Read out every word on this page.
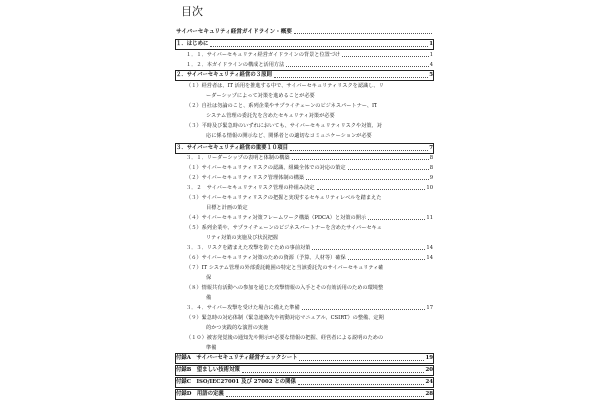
目次
サイバーセキュリティ経営ガイドライン・概要
１．はじめに	1
１．１．サイバーセキュリティ経営ガイドラインの背景と位置づけ	1
１．２．本ガイドラインの構成と活用方法	4
２．サイバーセキュリティ経営の３原則	5
（１）経営者は、IT 活用を推進する中で、サイバーセキュリティリスクを認識し、リ
ーダーシップによって対策を進めることが必要
（２）自社は勿論のこと、系列企業やサプライチェーンのビジネスパートナー、IT
システム管理の委託先を含めたセキュリティ対策が必要
（３）平時及び緊急時のいずれにおいても、サイバーセキュリティリスクや対策、対
応に係る情報の開示など、関係者との適切なコミュニケーションが必要
３．サイバーセキュリティ経営の重要１０項目	7
３．１．リーダーシップの表明と体制の構築	8
（１）サイバーセキュリティリスクの認識、組織全体での対応の策定	8
（２）サイバーセキュリティリスク管理体制の構築	9
３．２　サイバーセキュリティリスク管理の枠組み決定	10
（３）サイバーセキュリティリスクの把握と実現するセキュリティレベルを踏まえた
目標と計画の策定
（４）サイバーセキュリティ対策フレームワーク構築（PDCA）と対策の開示	11
（５）系列企業や、サプライチェーンのビジネスパートナーを含めたサイバーセキュ
リティ対策の実施及び状況把握
３．３．リスクを踏まえた攻撃を防ぐための事前対策	14
（６）サイバーセキュリティ対策のための資源（予算、人材等）確保	14
（７）IT システム管理の外部委託範囲の特定と当該委託先のサイバーセキュリティ確
保
（８）情報共有活動への参加を通じた攻撃情報の入手とその有効活用のための環境整
備
３．４．サイバー攻撃を受けた場合に備えた準備	17
（９）緊急時の対応体制（緊急連絡先や初動対応マニュアル、CSIRT）の整備、定期
的かつ実践的な演習の実施
（１０）被害発覚後の通知先や開示が必要な情報の把握、経営者による説明のための
準備
付録A　サイバーセキュリティ経営チェックシート	19
付録B　望ましい技術対策	20
付録C　ISO/IEC27001 及び 27002 との関係	24
付録D　用語の定義	28
